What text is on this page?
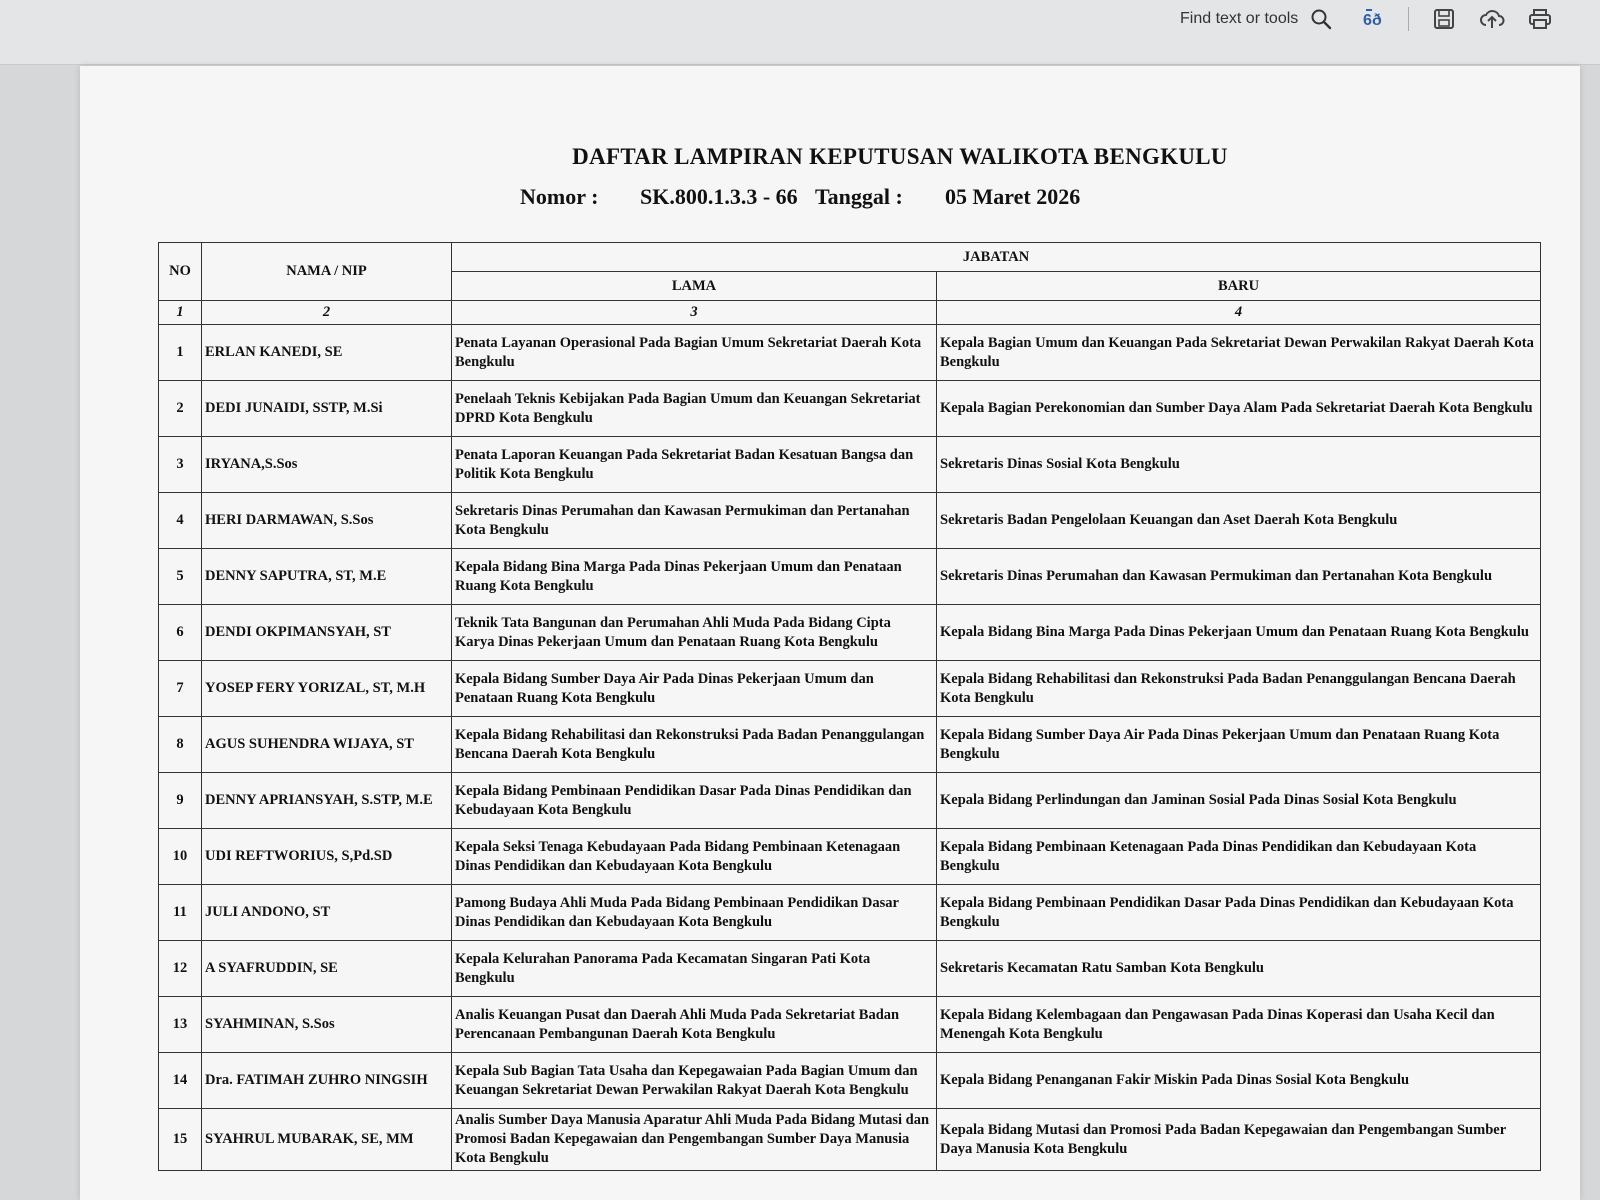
Find text or tools	6 ð
DAFTAR LAMPIRAN KEPUTUSAN WALIKOTA BENGKULU
Nomor :	SK.800.1.3.3 - 66 Tanggal :	05 Maret 2026
NO	NAMA / NIP	JABATAN	
		LAMA	BARU
1	2	3	4
1	ERLAN KANEDI, SE	Penata Layanan Operasional Pada Bagian Umum Sekretariat Daerah Kota Bengkulu	Kepala Bagian Umum dan Keuangan Pada Sekretariat Dewan Perwakilan Rakyat Daerah Kota Bengkulu
2	DEDI JUNAIDI, SSTP, M.Si	Penelaah Teknis Kebijakan Pada Bagian Umum dan Keuangan Sekretariat DPRD Kota Bengkulu	Kepala Bagian Perekonomian dan Sumber Daya Alam Pada Sekretariat Daerah Kota Bengkulu
3	IRYANA,S.Sos	Penata Laporan Keuangan Pada Sekretariat Badan Kesatuan Bangsa dan Politik Kota Bengkulu	Sekretaris Dinas Sosial Kota Bengkulu
4	HERI DARMAWAN, S.Sos	Sekretaris Dinas Perumahan dan Kawasan Permukiman dan Pertanahan Kota Bengkulu	Sekretaris Badan Pengelolaan Keuangan dan Aset Daerah Kota Bengkulu
5	DENNY SAPUTRA, ST, M.E	Kepala Bidang Bina Marga Pada Dinas Pekerjaan Umum dan Penataan Ruang Kota Bengkulu	Sekretaris Dinas Perumahan dan Kawasan Permukiman dan Pertanahan Kota Bengkulu
6	DENDI OKPIMANSYAH, ST	Teknik Tata Bangunan dan Perumahan Ahli Muda Pada Bidang Cipta Karya Dinas Pekerjaan Umum dan Penataan Ruang Kota Bengkulu	Kepala Bidang Bina Marga Pada Dinas Pekerjaan Umum dan Penataan Ruang Kota Bengkulu
7	YOSEP FERY YORIZAL, ST, M.H	Kepala Bidang Sumber Daya Air Pada Dinas Pekerjaan Umum dan Penataan Ruang Kota Bengkulu	Kepala Bidang Rehabilitasi dan Rekonstruksi Pada Badan Penanggulangan Bencana Daerah Kota Bengkulu
8	AGUS SUHENDRA WIJAYA, ST	Kepala Bidang Rehabilitasi dan Rekonstruksi Pada Badan Penanggulangan Bencana Daerah Kota Bengkulu	Kepala Bidang Sumber Daya Air Pada Dinas Pekerjaan Umum dan Penataan Ruang Kota Bengkulu
9	DENNY APRIANSYAH, S.STP, M.E	Kepala Bidang Pembinaan Pendidikan Dasar Pada Dinas Pendidikan dan Kebudayaan Kota Bengkulu	Kepala Bidang Perlindungan dan Jaminan Sosial Pada Dinas Sosial Kota Bengkulu
10	UDI REFTWORIUS, S,Pd.SD	Kepala Seksi Tenaga Kebudayaan Pada Bidang Pembinaan Ketenagaan Dinas Pendidikan dan Kebudayaan Kota Bengkulu	Kepala Bidang Pembinaan Ketenagaan Pada Dinas Pendidikan dan Kebudayaan Kota Bengkulu
11	JULI ANDONO, ST	Pamong Budaya Ahli Muda Pada Bidang Pembinaan Pendidikan Dasar Dinas Pendidikan dan Kebudayaan Kota Bengkulu	Kepala Bidang Pembinaan Pendidikan Dasar Pada Dinas Pendidikan dan Kebudayaan Kota Bengkulu
12	A SYAFRUDDIN, SE	Kepala Kelurahan Panorama Pada Kecamatan Singaran Pati Kota Bengkulu	Sekretaris Kecamatan Ratu Samban Kota Bengkulu
13	SYAHMINAN, S.Sos	Analis Keuangan Pusat dan Daerah Ahli Muda Pada Sekretariat Badan Perencanaan Pembangunan Daerah Kota Bengkulu	Kepala Bidang Kelembagaan dan Pengawasan Pada Dinas Koperasi dan Usaha Kecil dan Menengah Kota Bengkulu
14	Dra. FATIMAH ZUHRO NINGSIH	Kepala Sub Bagian Tata Usaha dan Kepegawaian Pada Bagian Umum dan Keuangan Sekretariat Dewan Perwakilan Rakyat Daerah Kota Bengkulu	Kepala Bidang Penanganan Fakir Miskin Pada Dinas Sosial Kota Bengkulu
15	SYAHRUL MUBARAK, SE, MM	Analis Sumber Daya Manusia Aparatur Ahli Muda Pada Bidang Mutasi dan Promosi Badan Kepegawaian dan Pengembangan Sumber Daya Manusia Kota Bengkulu	Kepala Bidang Mutasi dan Promosi Pada Badan Kepegawaian dan Pengembangan Sumber Daya Manusia Kota Bengkulu
